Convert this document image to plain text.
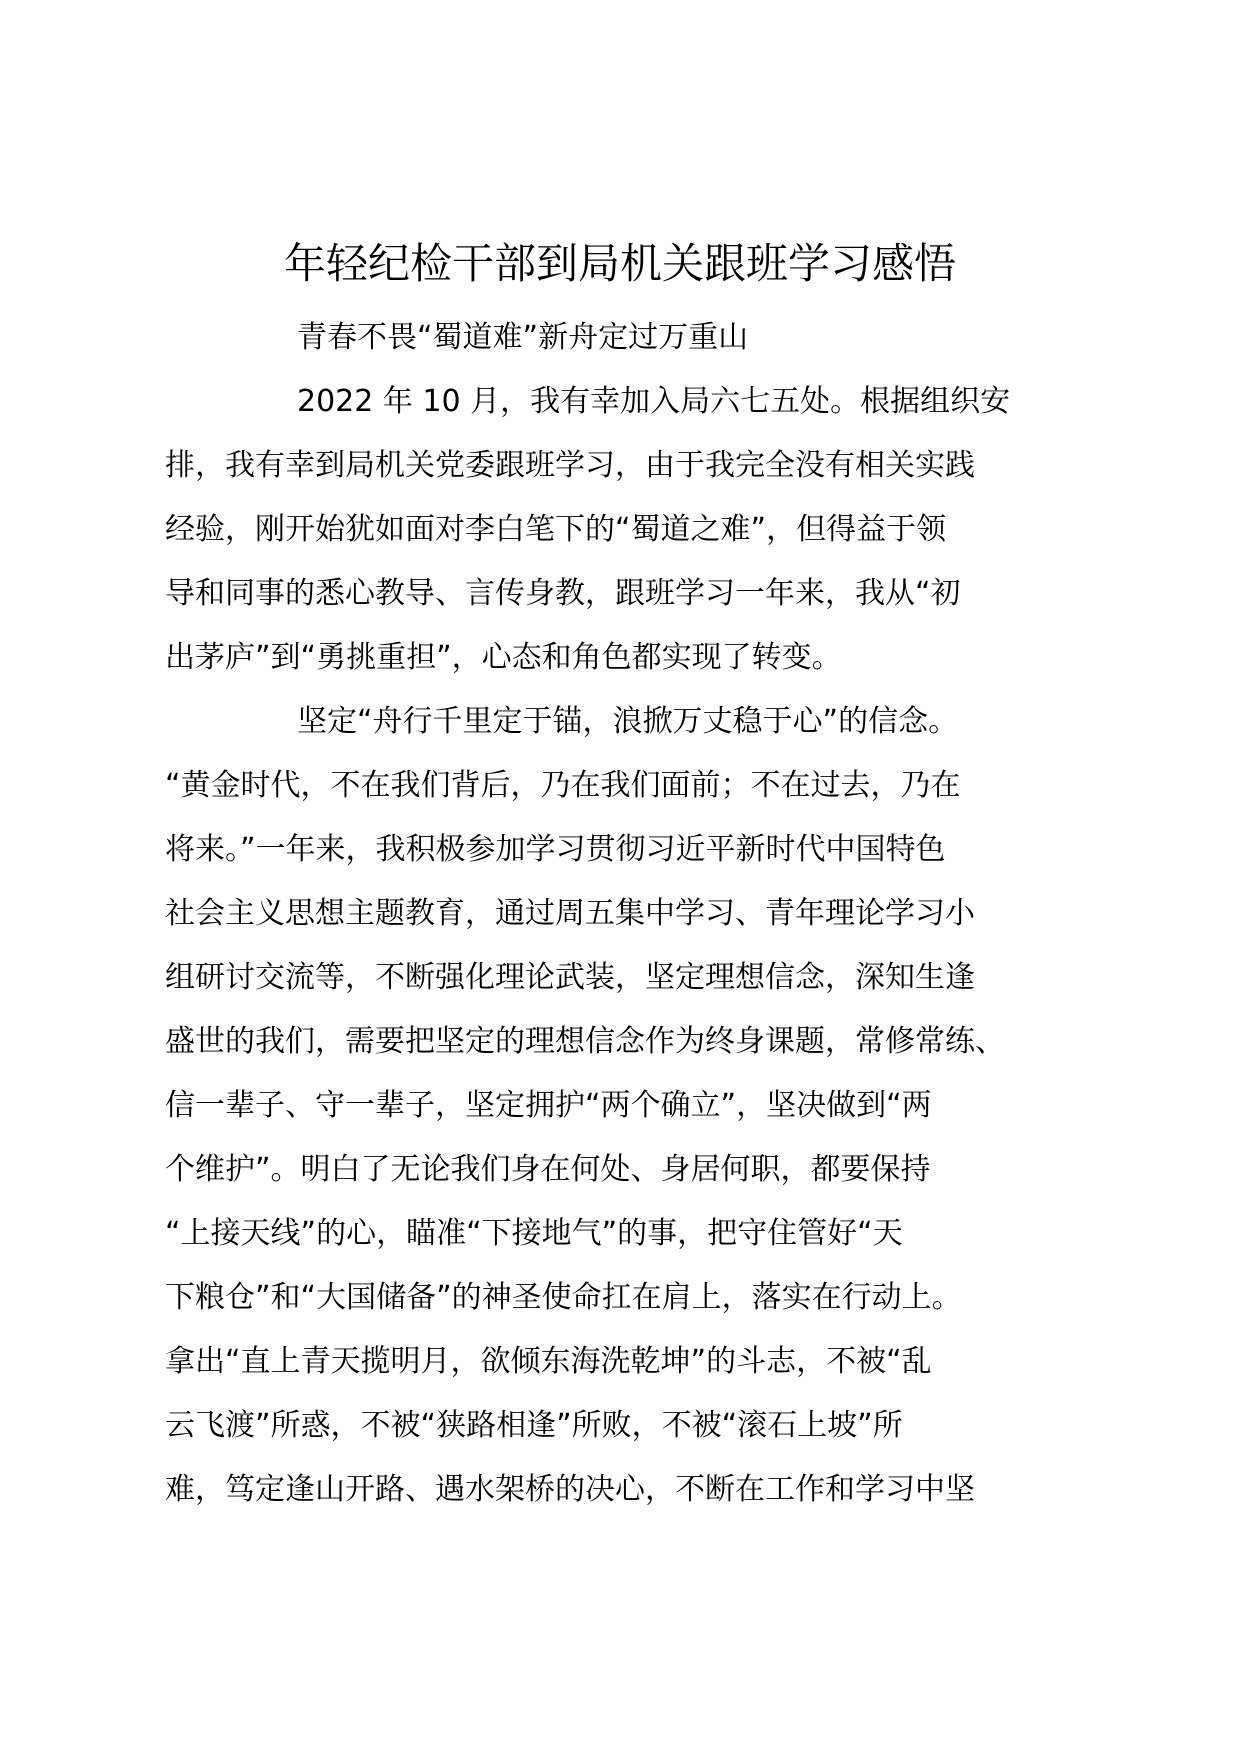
年轻纪检干部到局机关跟班学习感悟
青春不畏“蜀道难”新舟定过万重山
2022 年 10 月，我有幸加入局六七五处。根据组织安
排，我有幸到局机关党委跟班学习，由于我完全没有相关实践
经验，刚开始犹如面对李白笔下的“蜀道之难”，但得益于领
导和同事的悉心教导、言传身教，跟班学习一年来，我从“初
出茅庐”到“勇挑重担”，心态和角色都实现了转变。
坚定“舟行千里定于锚，浪掀万丈稳于心”的信念。
“黄金时代，不在我们背后，乃在我们面前；不在过去，乃在
将来。”一年来，我积极参加学习贯彻习近平新时代中国特色
社会主义思想主题教育，通过周五集中学习、青年理论学习小
组研讨交流等，不断强化理论武装，坚定理想信念，深知生逢
盛世的我们，需要把坚定的理想信念作为终身课题，常修常练、
信一辈子、守一辈子，坚定拥护“两个确立”，坚决做到“两
个维护”。明白了无论我们身在何处、身居何职，都要保持
“上接天线”的心，瞄准“下接地气”的事，把守住管好“天
下粮仓”和“大国储备”的神圣使命扛在肩上，落实在行动上。
拿出“直上青天揽明月，欲倾东海洗乾坤”的斗志，不被“乱
云飞渡”所惑，不被“狭路相逢”所败，不被“滚石上坡”所
难，笃定逢山开路、遇水架桥的决心，不断在工作和学习中坚
